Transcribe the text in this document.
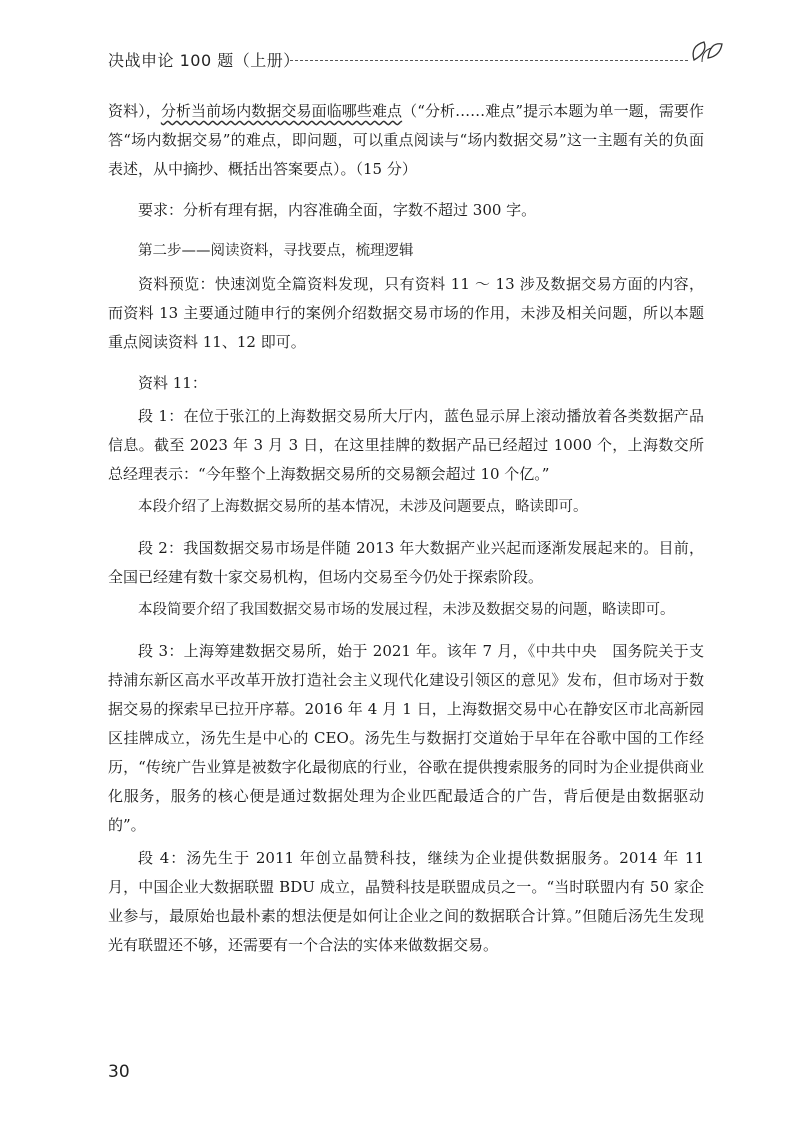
决战申论 100 题（上册）

资料），分析当前场内数据交易面临哪些难点（“分析……难点”提示本题为单一题，需要作答“场内数据交易”的难点，即问题，可以重点阅读与“场内数据交易”这一主题有关的负面表述，从中摘抄、概括出答案要点）。（15 分）

要求：分析有理有据，内容准确全面，字数不超过 300 字。

第二步——阅读资料，寻找要点，梳理逻辑

资料预览：快速浏览全篇资料发现，只有资料 11 ～ 13 涉及数据交易方面的内容，而资料 13 主要通过随申行的案例介绍数据交易市场的作用，未涉及相关问题，所以本题重点阅读资料 11、12 即可。

资料 11：

段 1：在位于张江的上海数据交易所大厅内，蓝色显示屏上滚动播放着各类数据产品信息。截至 2023 年 3 月 3 日，在这里挂牌的数据产品已经超过 1000 个，上海数交所总经理表示：“今年整个上海数据交易所的交易额会超过 10 个亿。”

本段介绍了上海数据交易所的基本情况，未涉及问题要点，略读即可。

段 2：我国数据交易市场是伴随 2013 年大数据产业兴起而逐渐发展起来的。目前，全国已经建有数十家交易机构，但场内交易至今仍处于探索阶段。

本段简要介绍了我国数据交易市场的发展过程，未涉及数据交易的问题，略读即可。

段 3：上海筹建数据交易所，始于 2021 年。该年 7 月，《中共中央　国务院关于支持浦东新区高水平改革开放打造社会主义现代化建设引领区的意见》发布，但市场对于数据交易的探索早已拉开序幕。2016 年 4 月 1 日，上海数据交易中心在静安区市北高新园区挂牌成立，汤先生是中心的 CEO。汤先生与数据打交道始于早年在谷歌中国的工作经历，“传统广告业算是被数字化最彻底的行业，谷歌在提供搜索服务的同时为企业提供商业化服务，服务的核心便是通过数据处理为企业匹配最适合的广告，背后便是由数据驱动的”。

段 4：汤先生于 2011 年创立晶赞科技，继续为企业提供数据服务。2014 年 11 月，中国企业大数据联盟 BDU 成立，晶赞科技是联盟成员之一。“当时联盟内有 50 家企业参与，最原始也最朴素的想法便是如何让企业之间的数据联合计算。”但随后汤先生发现光有联盟还不够，还需要有一个合法的实体来做数据交易。

30
